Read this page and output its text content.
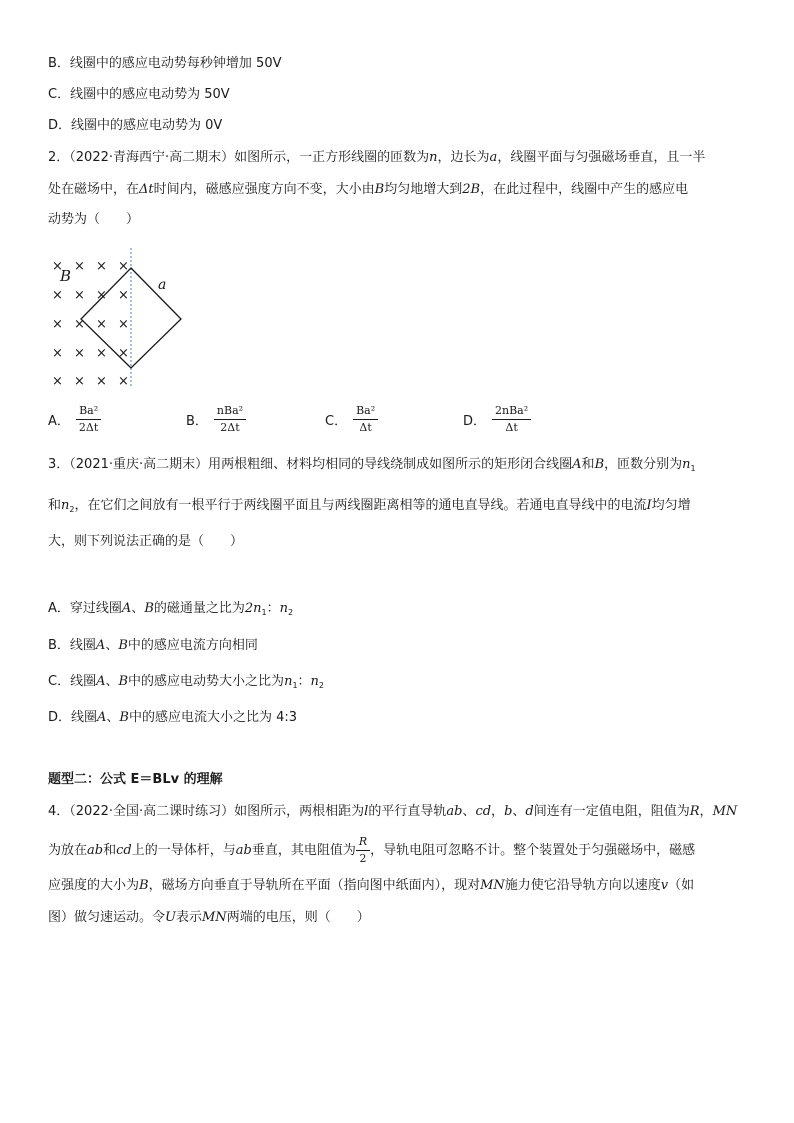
B．线圈中的感应电动势每秒钟增加 50V
C．线圈中的感应电动势为 50V
D．线圈中的感应电动势为 0V
2．（2022·青海西宁·高二期末）如图所示，一正方形线圈的匝数为n，边长为a，线圈平面与匀强磁场垂直，且一半
处在磁场中，在Δt时间内，磁感应强度方向不变，大小由B均匀地增大到2B，在此过程中，线圈中产生的感应电
动势为（　　）
× × × ×
× × × ×
× × × ×
× × × ×
× × × ×
B	a
A． $\frac{\text{Ba²}}{2\Delta t}$	B． $\frac{\text{nBa²}}{2\Delta t}$	C． $\frac{\text{Ba²}}{\Delta t}$	D． $\frac{\text{2nBa²}}{\Delta t}$
3．（2021·重庆·高二期末）用两根粗细、材料均相同的导线绕制成如图所示的矩形闭合线圈A和B，匝数分别为$n_1$
和$n_2$，在它们之间放有一根平行于两线圈平面且与两线圈距离相等的通电直导线。若通电直导线中的电流I均匀增
大，则下列说法正确的是（　　）
A．穿过线圈A、B的磁通量之比为$2n_1$：$n_2$
B．线圈A、B中的感应电流方向相同
C．线圈A、B中的感应电动势大小之比为$n_1$：$n_2$
D．线圈A、B中的感应电流大小之比为 4:3
题型二：公式 E＝BLv 的理解
4．（2022·全国·高二课时练习）如图所示，两根相距为l的平行直导轨ab、cd，b、d间连有一定值电阻，阻值为R，MN
为放在ab和cd上的一导体杆，与ab垂直，其电阻值为 $\frac{R}{2}$ ，导轨电阻可忽略不计。整个装置处于匀强磁场中，磁感
应强度的大小为B，磁场方向垂直于导轨所在平面（指向图中纸面内），现对MN施力使它沿导轨方向以速度v（如
图）做匀速运动。令U表示MN两端的电压，则（　　）
